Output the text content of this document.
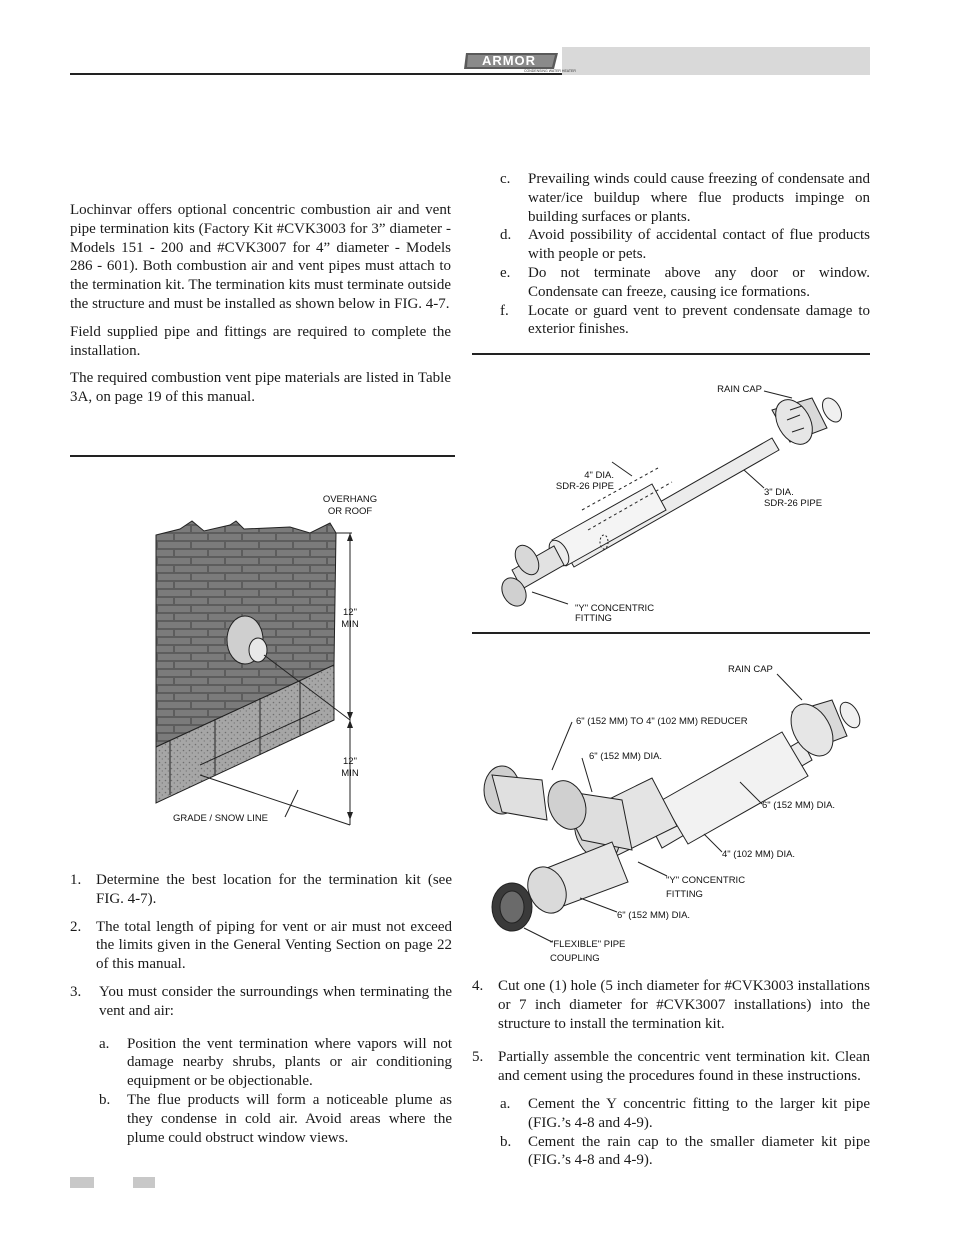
ARMOR
CONDENSING WATER HEATER

Lochinvar offers optional concentric combustion air and vent pipe termination kits (Factory Kit #CVK3003 for 3” diameter - Models 151 - 200 and #CVK3007 for 4” diameter - Models 286 - 601). Both combustion air and vent pipes must attach to the termination kit. The termination kits must terminate outside the structure and must be installed as shown below in FIG. 4-7.

Field supplied pipe and fittings are required to complete the installation.

The required combustion vent pipe materials are listed in Table 3A, on page 19 of this manual.

OVERHANG
OR ROOF
12"
MIN
12"
MIN
GRADE / SNOW LINE
1. Determine the best location for the termination kit (see FIG. 4-7).
2. The total length of piping for vent or air must not exceed the limits given in the General Venting Section on page 22 of this manual.
3. You must consider the surroundings when terminating the vent and air:
a. Position the vent termination where vapors will not damage nearby shrubs, plants or air conditioning equipment or be objectionable.
b. The flue products will form a noticeable plume as they condense in cold air. Avoid areas where the plume could obstruct window views.
c. Prevailing winds could cause freezing of condensate and water/ice buildup where flue products impinge on building surfaces or plants.
d. Avoid possibility of accidental contact of flue products with people or pets.
e. Do not terminate above any door or window. Condensate can freeze, causing ice formations.
f. Locate or guard vent to prevent condensate damage to exterior finishes.
RAIN CAP
4" DIA.
SDR-26 PIPE
3" DIA.
SDR-26 PIPE
"Y" CONCENTRIC
FITTING
RAIN CAP
6" (152 MM) TO 4" (102 MM) REDUCER
6" (152 MM) DIA.
6" (152 MM) DIA.
4" (102 MM) DIA.
"Y" CONCENTRIC
FITTING
6" (152 MM) DIA.
"FLEXIBLE" PIPE
COUPLING
4. Cut one (1) hole (5 inch diameter for #CVK3003 installations or 7 inch diameter for #CVK3007 installations) into the structure to install the termination kit.
5. Partially assemble the concentric vent termination kit. Clean and cement using the procedures found in these instructions.
a. Cement the Y concentric fitting to the larger kit pipe (FIG.’s 4-8 and 4-9).
b. Cement the rain cap to the smaller diameter kit pipe (FIG.’s 4-8 and 4-9).
